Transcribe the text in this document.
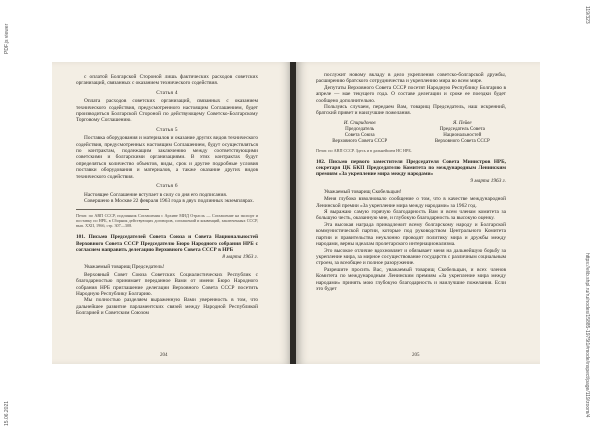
PDF.js viewer
15.06.2021
119/323
https://elib.shpl.ru/ru/nodes/15885-1975t1#mode/inspect/page/119/zoom/4

с оплатой Болгарской Стороной лишь фактических расходов советских организаций, связанных с оказанием технического содействия.

Статья 4

Оплата расходов советских организаций, связанных с оказанием технического содействия, предусмотренного настоящим Соглашением, будет производиться Болгарской Стороной по действующему Советско-Болгарскому Торговому Соглашению.

Статья 5

Поставка оборудования и материалов и оказание других видов технического содействия, предусмотренных настоящим Соглашением, будут осуществляться по контрактам, подлежащим заключению между соответствующими советскими и болгарскими организациями. В этих контрактах будут определяться количество объектов, виды, срок и другие подробные условия поставки оборудования и материалов, а также оказание других видов технического содействия.

Статья 6

Настоящее Соглашение вступает в силу со дня его подписания.

Совершено в Москве 22 февраля 1963 года в двух подлинных экземплярах.

Печат. по АВП СССР, подлинник Соглашения с Архиве МИД Отрасль — Соглашение на экспорт и поставку по НРБ, в Сборник действующих договоров, соглашений и конвенций, заключенных СССР, вып. XXII, 1966, стр. 307—308.

101. Письмо Председателей Совета Союза и Совета Национальностей Верховного Совета СССР Председателю Бюро Народного собрания НРБ с согласием направить делегацию Верховного Совета СССР в НРБ

8 марта 1963 г.

Уважаемый товарищ Председатель!

Верховный Совет Союза Советских Социалистических Республик с благодарностью принимает переданное Вами от имени Бюро Народного собрания НРБ приглашение делегации Верховного Совета СССР посетить Народную Республику Болгарию.

Мы полностью разделяем выраженную Вами уверенность в том, что дальнейшее развитие парламентских связей между Народной Республикой Болгарией и Советским Союзом

204

послужит новому вкладу в дело укрепления советско-болгарской дружбы, расширению братского сотрудничества и укреплению мира во всем мире.

Депутаты Верховного Совета СССР посетят Народную Республику Болгарию в апреле — мае текущего года. О составе делегации и сроке ее поездки будет сообщено дополнительно.

Пользуясь случаем, передаем Вам, товарищ Председатель, наш искренний, братский привет и наилучшие пожелания.

И. Спиридонов
Председатель
Совета Союза
Верховного Совета СССР
Я. Пейве
Председатель Совета
Национальностей
Верховного Совета СССР

Печат. по АВП СССР. Здесь и в дальнейшем НС НРБ.

102. Письмо первого заместителя Председателя Совета Министров НРБ, секретаря ЦК БКП Председателю Комитета по международным Ленинским премиям «За укрепление мира между народами»

9 марта 1963 г.

Уважаемый товарищ Скобельцын!

Меня глубоко взволновало сообщение о том, что в качестве международной Ленинской премии «За укрепление мира между народами» за 1962 год.

Я выражаю самую горячую благодарность Вам и всем членам комитета за большую честь, оказанную мне, и глубокую благодарность за высокую оценку.

Эта высокая награда принадлежит всему болгарскому народу и Болгарской коммунистической партии, которые под руководством Центрального Комитета партии и правительства неуклонно проводят политику мира и дружбы между народами, верны идеалам пролетарского интернационализма.

Это высокое отличие вдохновляет и обязывает меня на дальнейшую борьбу за укрепление мира, за мирное сосуществование государств с различным социальным строем, за всеобщее и полное разоружение.

Разрешите просить Вас, уважаемый товарищ Скобельцын, и всех членов Комитета по международным Ленинским премиям «За укрепление мира между народами» принять мою глубокую благодарность и наилучшие пожелания. Если это будет

205
